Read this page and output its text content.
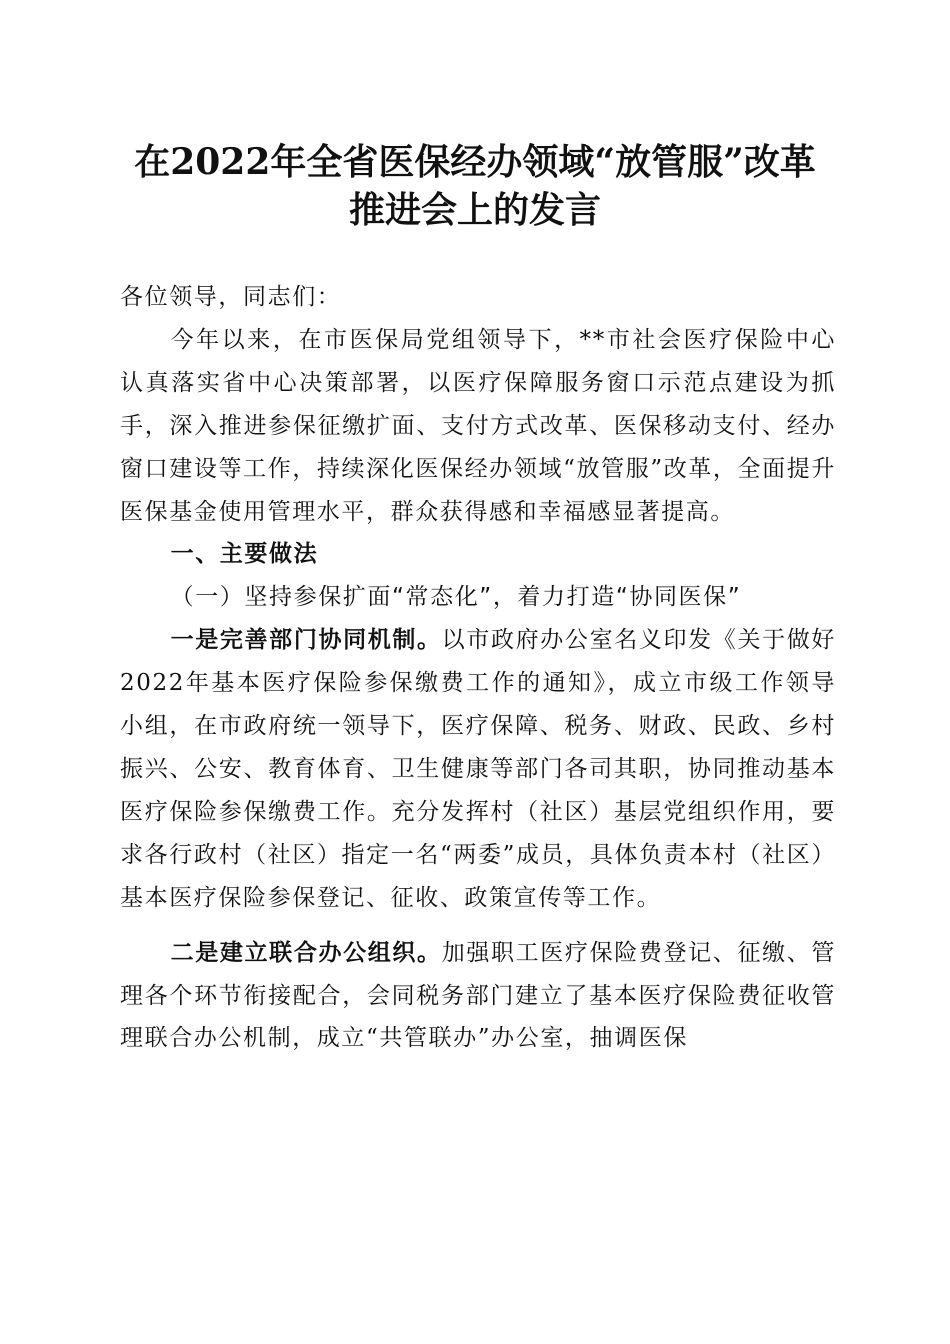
在2022年全省医保经办领域“放管服”改革
推进会上的发言

各位领导，同志们：

今年以来，在市医保局党组领导下，**市社会医疗保险中心认真落实省中心决策部署，以医疗保障服务窗口示范点建设为抓手，深入推进参保征缴扩面、支付方式改革、医保移动支付、经办窗口建设等工作，持续深化医保经办领域“放管服”改革，全面提升医保基金使用管理水平，群众获得感和幸福感显著提高。

一、主要做法

（一）坚持参保扩面“常态化”，着力打造“协同医保”

一是完善部门协同机制。以市政府办公室名义印发《关于做好2022年基本医疗保险参保缴费工作的通知》，成立市级工作领导小组，在市政府统一领导下，医疗保障、税务、财政、民政、乡村振兴、公安、教育体育、卫生健康等部门各司其职，协同推动基本医疗保险参保缴费工作。充分发挥村（社区）基层党组织作用，要求各行政村（社区）指定一名“两委”成员，具体负责本村（社区）基本医疗保险参保登记、征收、政策宣传等工作。

二是建立联合办公组织。加强职工医疗保险费登记、征缴、管理各个环节衔接配合，会同税务部门建立了基本医疗保险费征收管理联合办公机制，成立“共管联办”办公室，抽调医保
